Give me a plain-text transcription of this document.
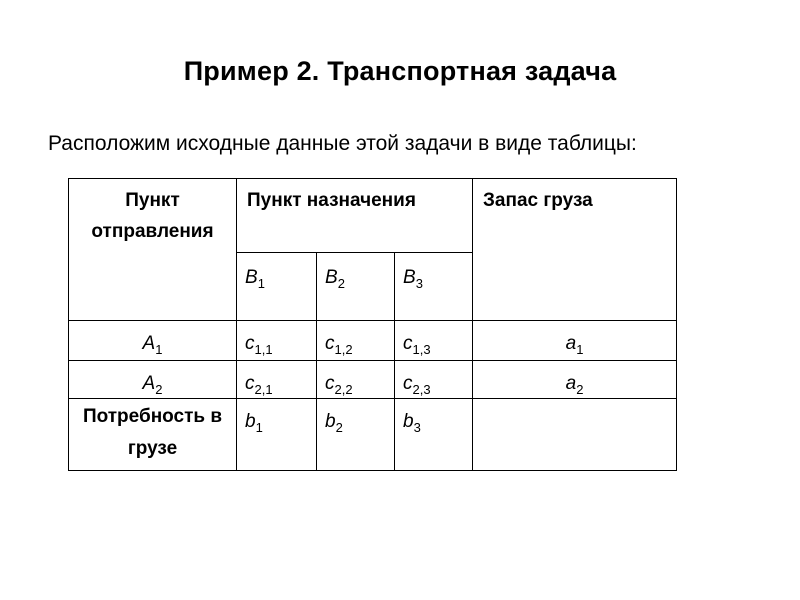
Пример 2. Транспортная задача
Расположим исходные данные этой задачи в виде таблицы:
Пункт отправления	Пункт назначения			Запас груза
	$B_1$	$B_2$	$B_3$
$A_1$	$c_{1,1}$	$c_{1,2}$	$c_{1,3}$	$a_1$
$A_2$	$c_{2,1}$	$c_{2,2}$	$c_{2,3}$	$a_2$
Потребность в грузе	$b_1$	$b_2$	$b_3$	
